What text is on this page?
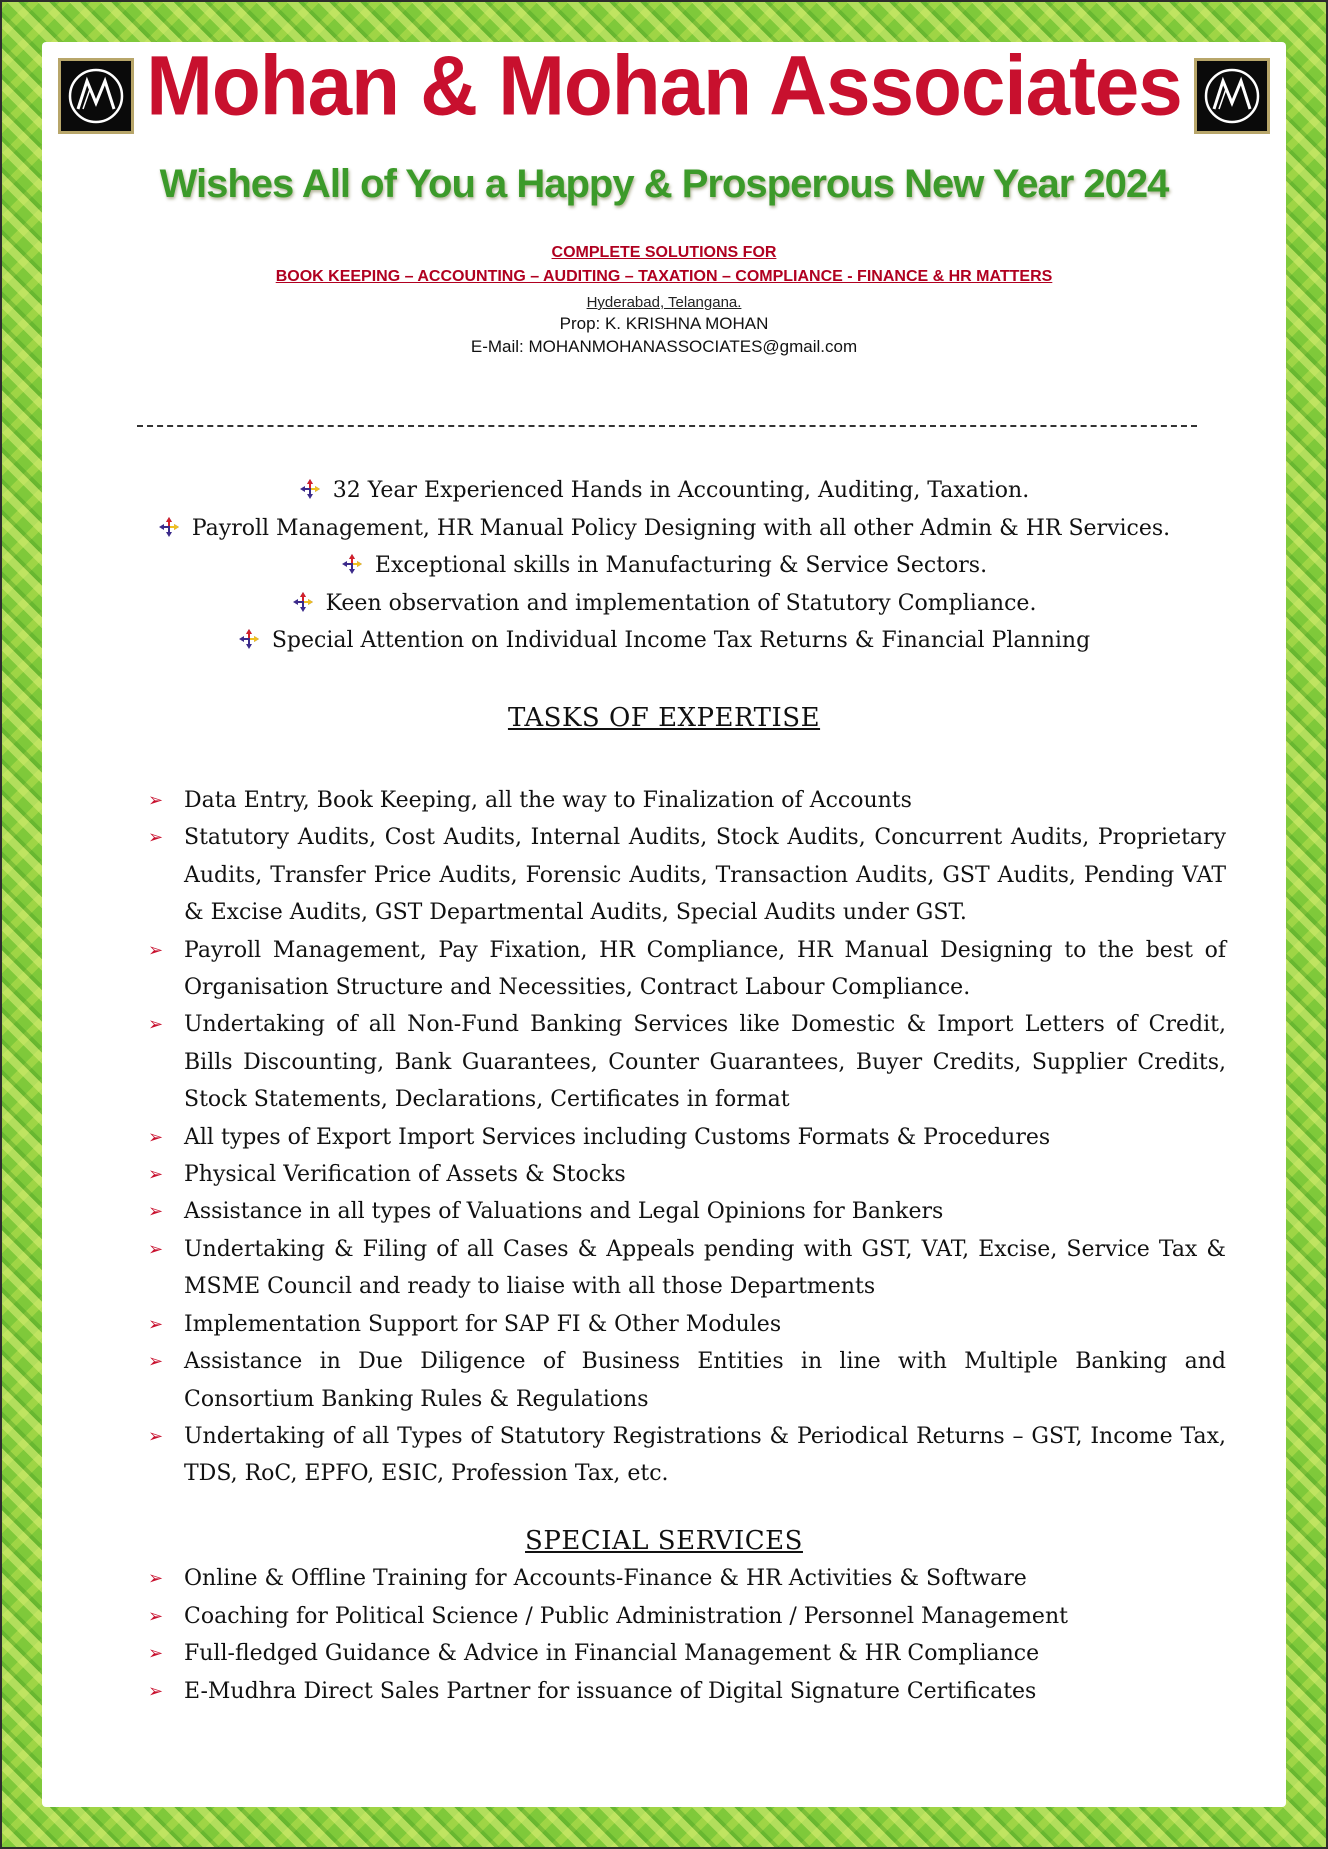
Mohan & Mohan Associates
Wishes All of You a Happy & Prosperous New Year 2024
COMPLETE SOLUTIONS FOR
BOOK KEEPING – ACCOUNTING – AUDITING – TAXATION – COMPLIANCE - FINANCE & HR MATTERS
Hyderabad, Telangana.
Prop: K. KRISHNA MOHAN
E-Mail: MOHANMOHANASSOCIATES@gmail.com
32 Year Experienced Hands in Accounting, Auditing, Taxation.
Payroll Management, HR Manual Policy Designing with all other Admin & HR Services.
Exceptional skills in Manufacturing & Service Sectors.
Keen observation and implementation of Statutory Compliance.
Special Attention on Individual Income Tax Returns & Financial Planning
TASKS OF EXPERTISE
➢ Data Entry, Book Keeping, all the way to Finalization of Accounts
➢ Statutory Audits, Cost Audits, Internal Audits, Stock Audits, Concurrent Audits, Proprietary Audits, Transfer Price Audits, Forensic Audits, Transaction Audits, GST Audits, Pending VAT & Excise Audits, GST Departmental Audits, Special Audits under GST.
➢ Payroll Management, Pay Fixation, HR Compliance, HR Manual Designing to the best of Organisation Structure and Necessities, Contract Labour Compliance.
➢ Undertaking of all Non-Fund Banking Services like Domestic & Import Letters of Credit, Bills Discounting, Bank Guarantees, Counter Guarantees, Buyer Credits, Supplier Credits, Stock Statements, Declarations, Certificates in format
➢ All types of Export Import Services including Customs Formats & Procedures
➢ Physical Verification of Assets & Stocks
➢ Assistance in all types of Valuations and Legal Opinions for Bankers
➢ Undertaking & Filing of all Cases & Appeals pending with GST, VAT, Excise, Service Tax & MSME Council and ready to liaise with all those Departments
➢ Implementation Support for SAP FI & Other Modules
➢ Assistance in Due Diligence of Business Entities in line with Multiple Banking and Consortium Banking Rules & Regulations
➢ Undertaking of all Types of Statutory Registrations & Periodical Returns – GST, Income Tax, TDS, RoC, EPFO, ESIC, Profession Tax, etc.
SPECIAL SERVICES
➢ Online & Offline Training for Accounts-Finance & HR Activities & Software
➢ Coaching for Political Science / Public Administration / Personnel Management
➢ Full-fledged Guidance & Advice in Financial Management & HR Compliance
➢ E-Mudhra Direct Sales Partner for issuance of Digital Signature Certificates
